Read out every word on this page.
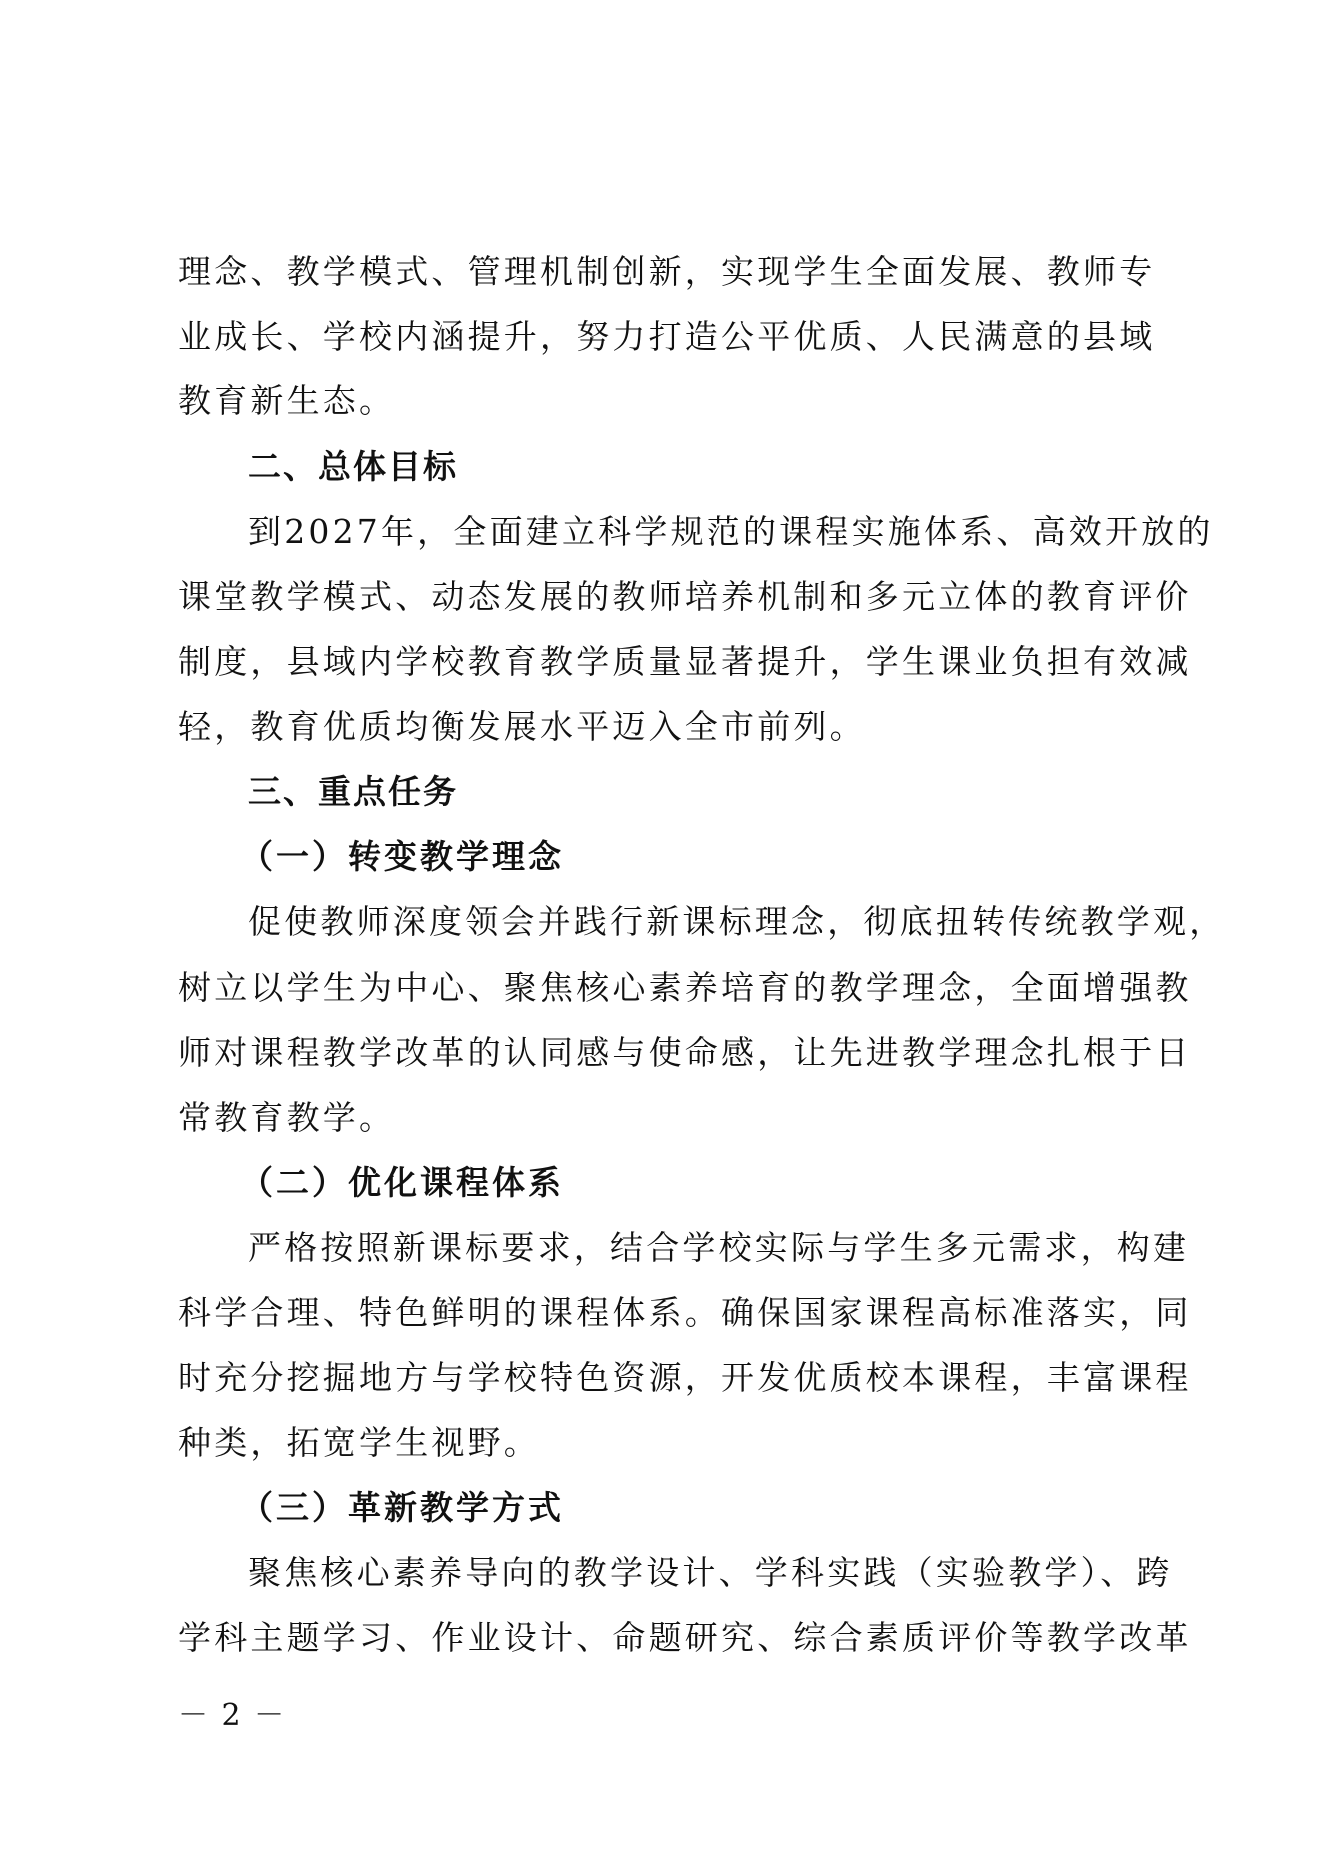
理念、教学模式、管理机制创新，实现学生全面发展、教师专
业成长、学校内涵提升，努力打造公平优质、人民满意的县域
教育新生态。
二、总体目标
到2027年，全面建立科学规范的课程实施体系、高效开放的
课堂教学模式、动态发展的教师培养机制和多元立体的教育评价
制度，县域内学校教育教学质量显著提升，学生课业负担有效减
轻，教育优质均衡发展水平迈入全市前列。
三、重点任务
（一）转变教学理念
促使教师深度领会并践行新课标理念，彻底扭转传统教学观，
树立以学生为中心、聚焦核心素养培育的教学理念，全面增强教
师对课程教学改革的认同感与使命感，让先进教学理念扎根于日
常教育教学。
（二）优化课程体系
严格按照新课标要求，结合学校实际与学生多元需求，构建
科学合理、特色鲜明的课程体系。确保国家课程高标准落实，同
时充分挖掘地方与学校特色资源，开发优质校本课程，丰富课程
种类，拓宽学生视野。
（三）革新教学方式
聚焦核心素养导向的教学设计、学科实践（实验教学）、跨
学科主题学习、作业设计、命题研究、综合素质评价等教学改革
－ 2 －
